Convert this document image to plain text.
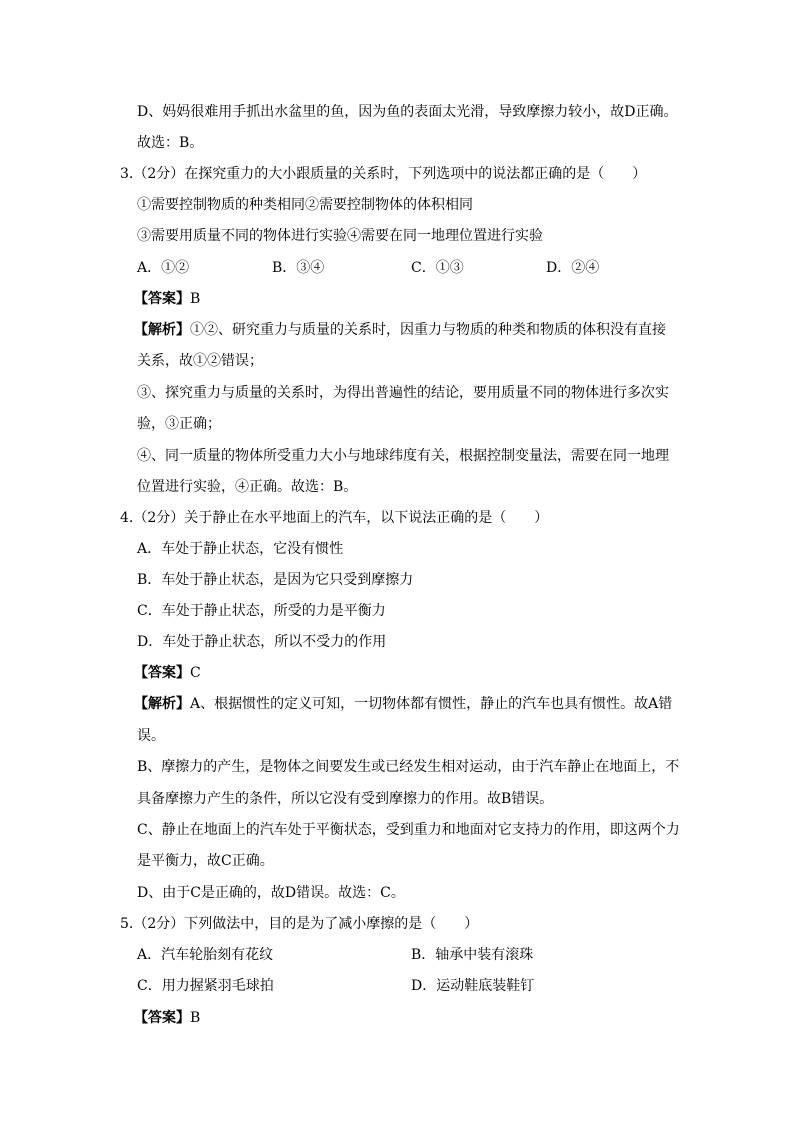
D、妈妈很难用手抓出水盆里的鱼，因为鱼的表面太光滑，导致摩擦力较小，故D正确。
故选：B。
3.（2分）在探究重力的大小跟质量的关系时，下列选项中的说法都正确的是（　　）
①需要控制物质的种类相同②需要控制物体的体积相同
③需要用质量不同的物体进行实验④需要在同一地理位置进行实验
A．①②	B．③④	C．①③	D．②④
【答案】B
【解析】①②、研究重力与质量的关系时，因重力与物质的种类和物质的体积没有直接
关系，故①②错误；
③、探究重力与质量的关系时，为得出普遍性的结论，要用质量不同的物体进行多次实
验，③正确；
④、同一质量的物体所受重力大小与地球纬度有关，根据控制变量法，需要在同一地理
位置进行实验，④正确。故选：B。
4.（2分）关于静止在水平地面上的汽车，以下说法正确的是（　　）
A．车处于静止状态，它没有惯性
B．车处于静止状态，是因为它只受到摩擦力
C．车处于静止状态，所受的力是平衡力
D．车处于静止状态，所以不受力的作用
【答案】C
【解析】A、根据惯性的定义可知，一切物体都有惯性，静止的汽车也具有惯性。故A错
误。
B、摩擦力的产生，是物体之间要发生或已经发生相对运动，由于汽车静止在地面上，不
具备摩擦力产生的条件，所以它没有受到摩擦力的作用。故B错误。
C、静止在地面上的汽车处于平衡状态，受到重力和地面对它支持力的作用，即这两个力
是平衡力，故C正确。
D、由于C是正确的，故D错误。故选：C。
5.（2分）下列做法中，目的是为了减小摩擦的是（　　）
A．汽车轮胎刻有花纹	B．轴承中装有滚珠
C．用力握紧羽毛球拍	D．运动鞋底装鞋钉
【答案】B
